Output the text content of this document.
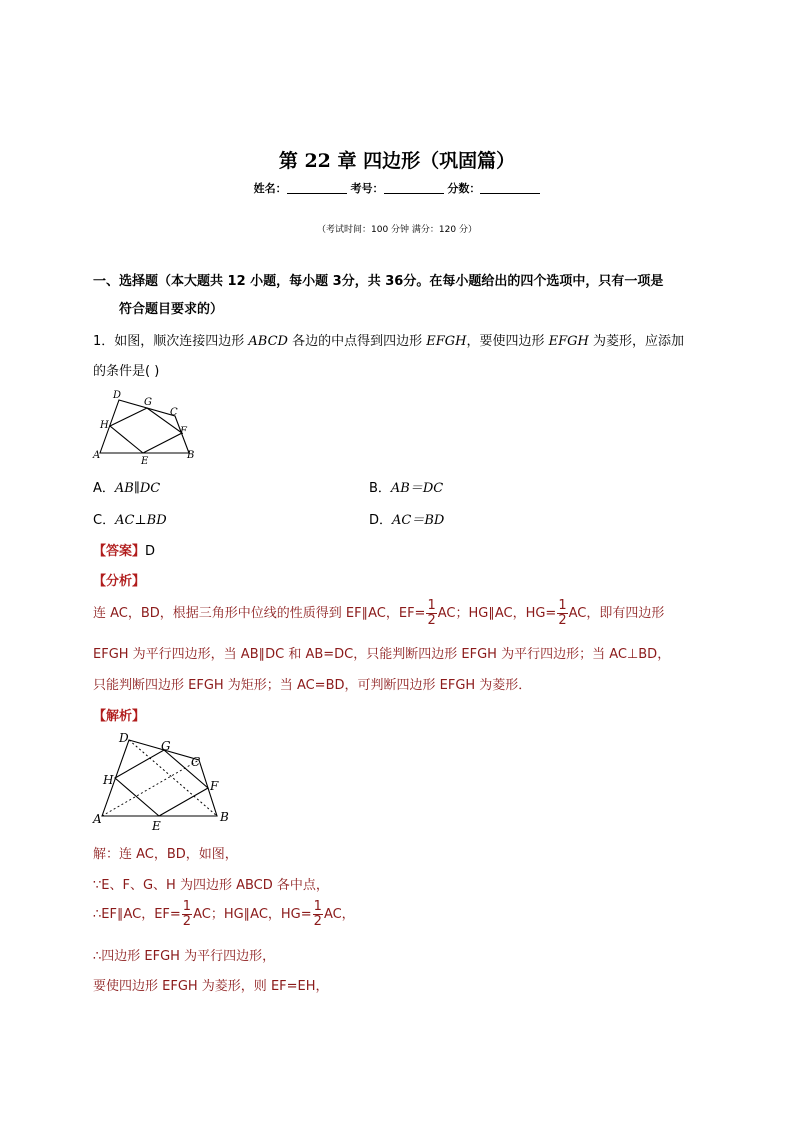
第 22 章 四边形（巩固篇）
姓名：	考号：	分数：
（考试时间：100 分钟 满分：120 分）
一、选择题（本大题共 12 小题，每小题 3分，共 36分。在每小题给出的四个选项中，只有一项是
符合题目要求的）
1．如图，顺次连接四边形 ABCD 各边的中点得到四边形 EFGH，要使四边形 EFGH 为菱形，应添加
的条件是( )
D
G
C
H
F
A
E
B
A．AB∥DC	B．AB＝DC
C．AC⊥BD	D．AC＝BD
【答案】D
【分析】
连 AC，BD，根据三角形中位线的性质得到 EF∥AC，$EF= \frac{1}{2}$ AC；HG∥AC，$HG= \frac{1}{2}$ AC，即有四边形
EFGH 为平行四边形，当 AB∥DC 和 AB=DC，只能判断四边形 EFGH 为平行四边形；当 AC⊥BD，
只能判断四边形 EFGH 为矩形；当 AC=BD，可判断四边形 EFGH 为菱形．
【解析】
D
G
C
H	F
A	E
B
解：连 AC，BD，如图，
∵E、F、G、H 为四边形 ABCD 各中点，
∴EF∥AC，$EF= \frac{1}{2}$ AC；HG∥AC，$HG= \frac{1}{2}$ AC，
∴四边形 EFGH 为平行四边形，
要使四边形 EFGH 为菱形，则 EF=EH，
